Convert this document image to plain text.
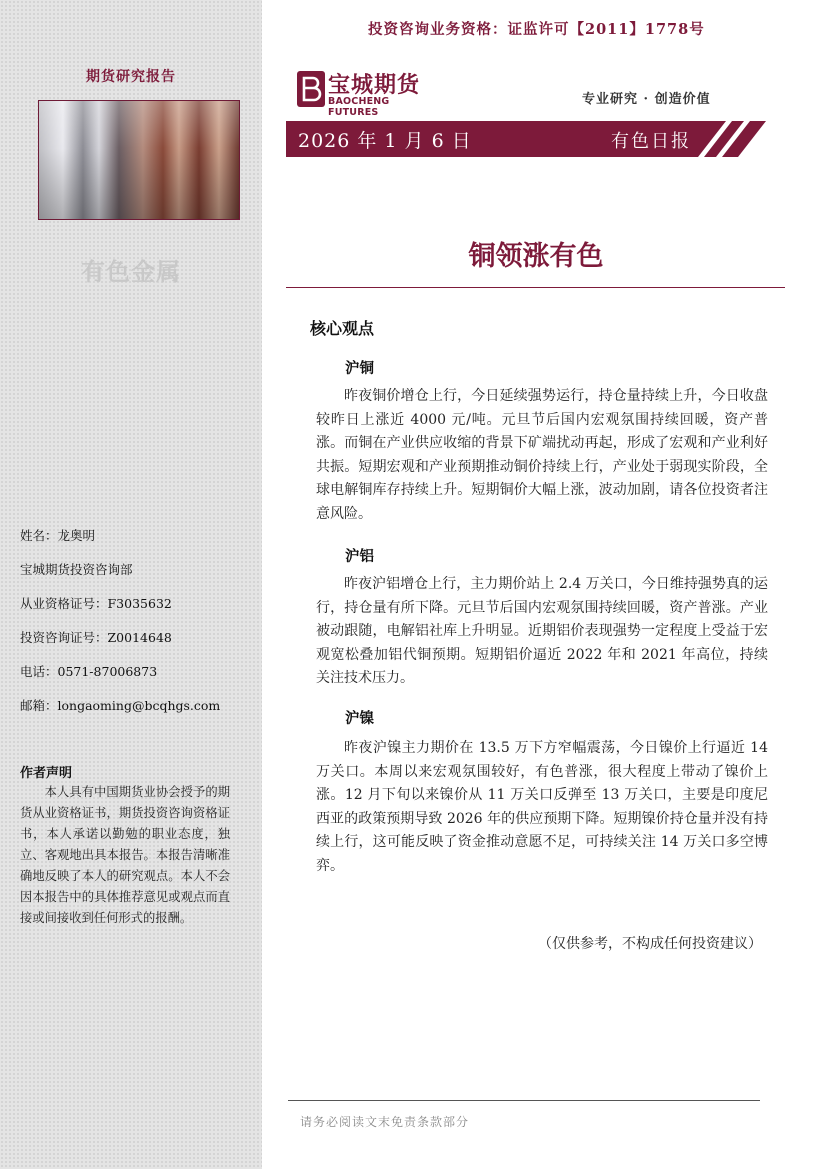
期货研究报告
有色金属
姓名：龙奥明
宝城期货投资咨询部
从业资格证号：F3035632
投资咨询证号：Z0014648
电话：0571-87006873
邮箱：longaoming@bcqhgs.com
作者声明
本人具有中国期货业协会授予的期货从业资格证书，期货投资咨询资格证书，本人承诺以勤勉的职业态度，独立、客观地出具本报告。本报告清晰准确地反映了本人的研究观点。本人不会因本报告中的具体推荐意见或观点而直接或间接收到任何形式的报酬。
投资咨询业务资格：证监许可【2011】1778号
宝城期货
BAOCHENG FUTURES
专业研究 · 创造价值
2026 年 1 月 6 日	有色日报
铜领涨有色
核心观点
沪铜
昨夜铜价增仓上行，今日延续强势运行，持仓量持续上升，今日收盘较昨日上涨近 4000 元/吨。元旦节后国内宏观氛围持续回暖，资产普涨。而铜在产业供应收缩的背景下矿端扰动再起，形成了宏观和产业利好共振。短期宏观和产业预期推动铜价持续上行，产业处于弱现实阶段，全球电解铜库存持续上升。短期铜价大幅上涨，波动加剧，请各位投资者注意风险。
沪铝
昨夜沪铝增仓上行，主力期价站上 2.4 万关口，今日维持强势真的运行，持仓量有所下降。元旦节后国内宏观氛围持续回暖，资产普涨。产业被动跟随，电解铝社库上升明显。近期铝价表现强势一定程度上受益于宏观宽松叠加铝代铜预期。短期铝价逼近 2022 年和 2021 年高位，持续关注技术压力。
沪镍
昨夜沪镍主力期价在 13.5 万下方窄幅震荡，今日镍价上行逼近 14 万关口。本周以来宏观氛围较好，有色普涨，很大程度上带动了镍价上涨。12 月下旬以来镍价从 11 万关口反弹至 13 万关口，主要是印度尼西亚的政策预期导致 2026 年的供应预期下降。短期镍价持仓量并没有持续上行，这可能反映了资金推动意愿不足，可持续关注 14 万关口多空博弈。
（仅供参考，不构成任何投资建议）
请务必阅读文末免责条款部分
